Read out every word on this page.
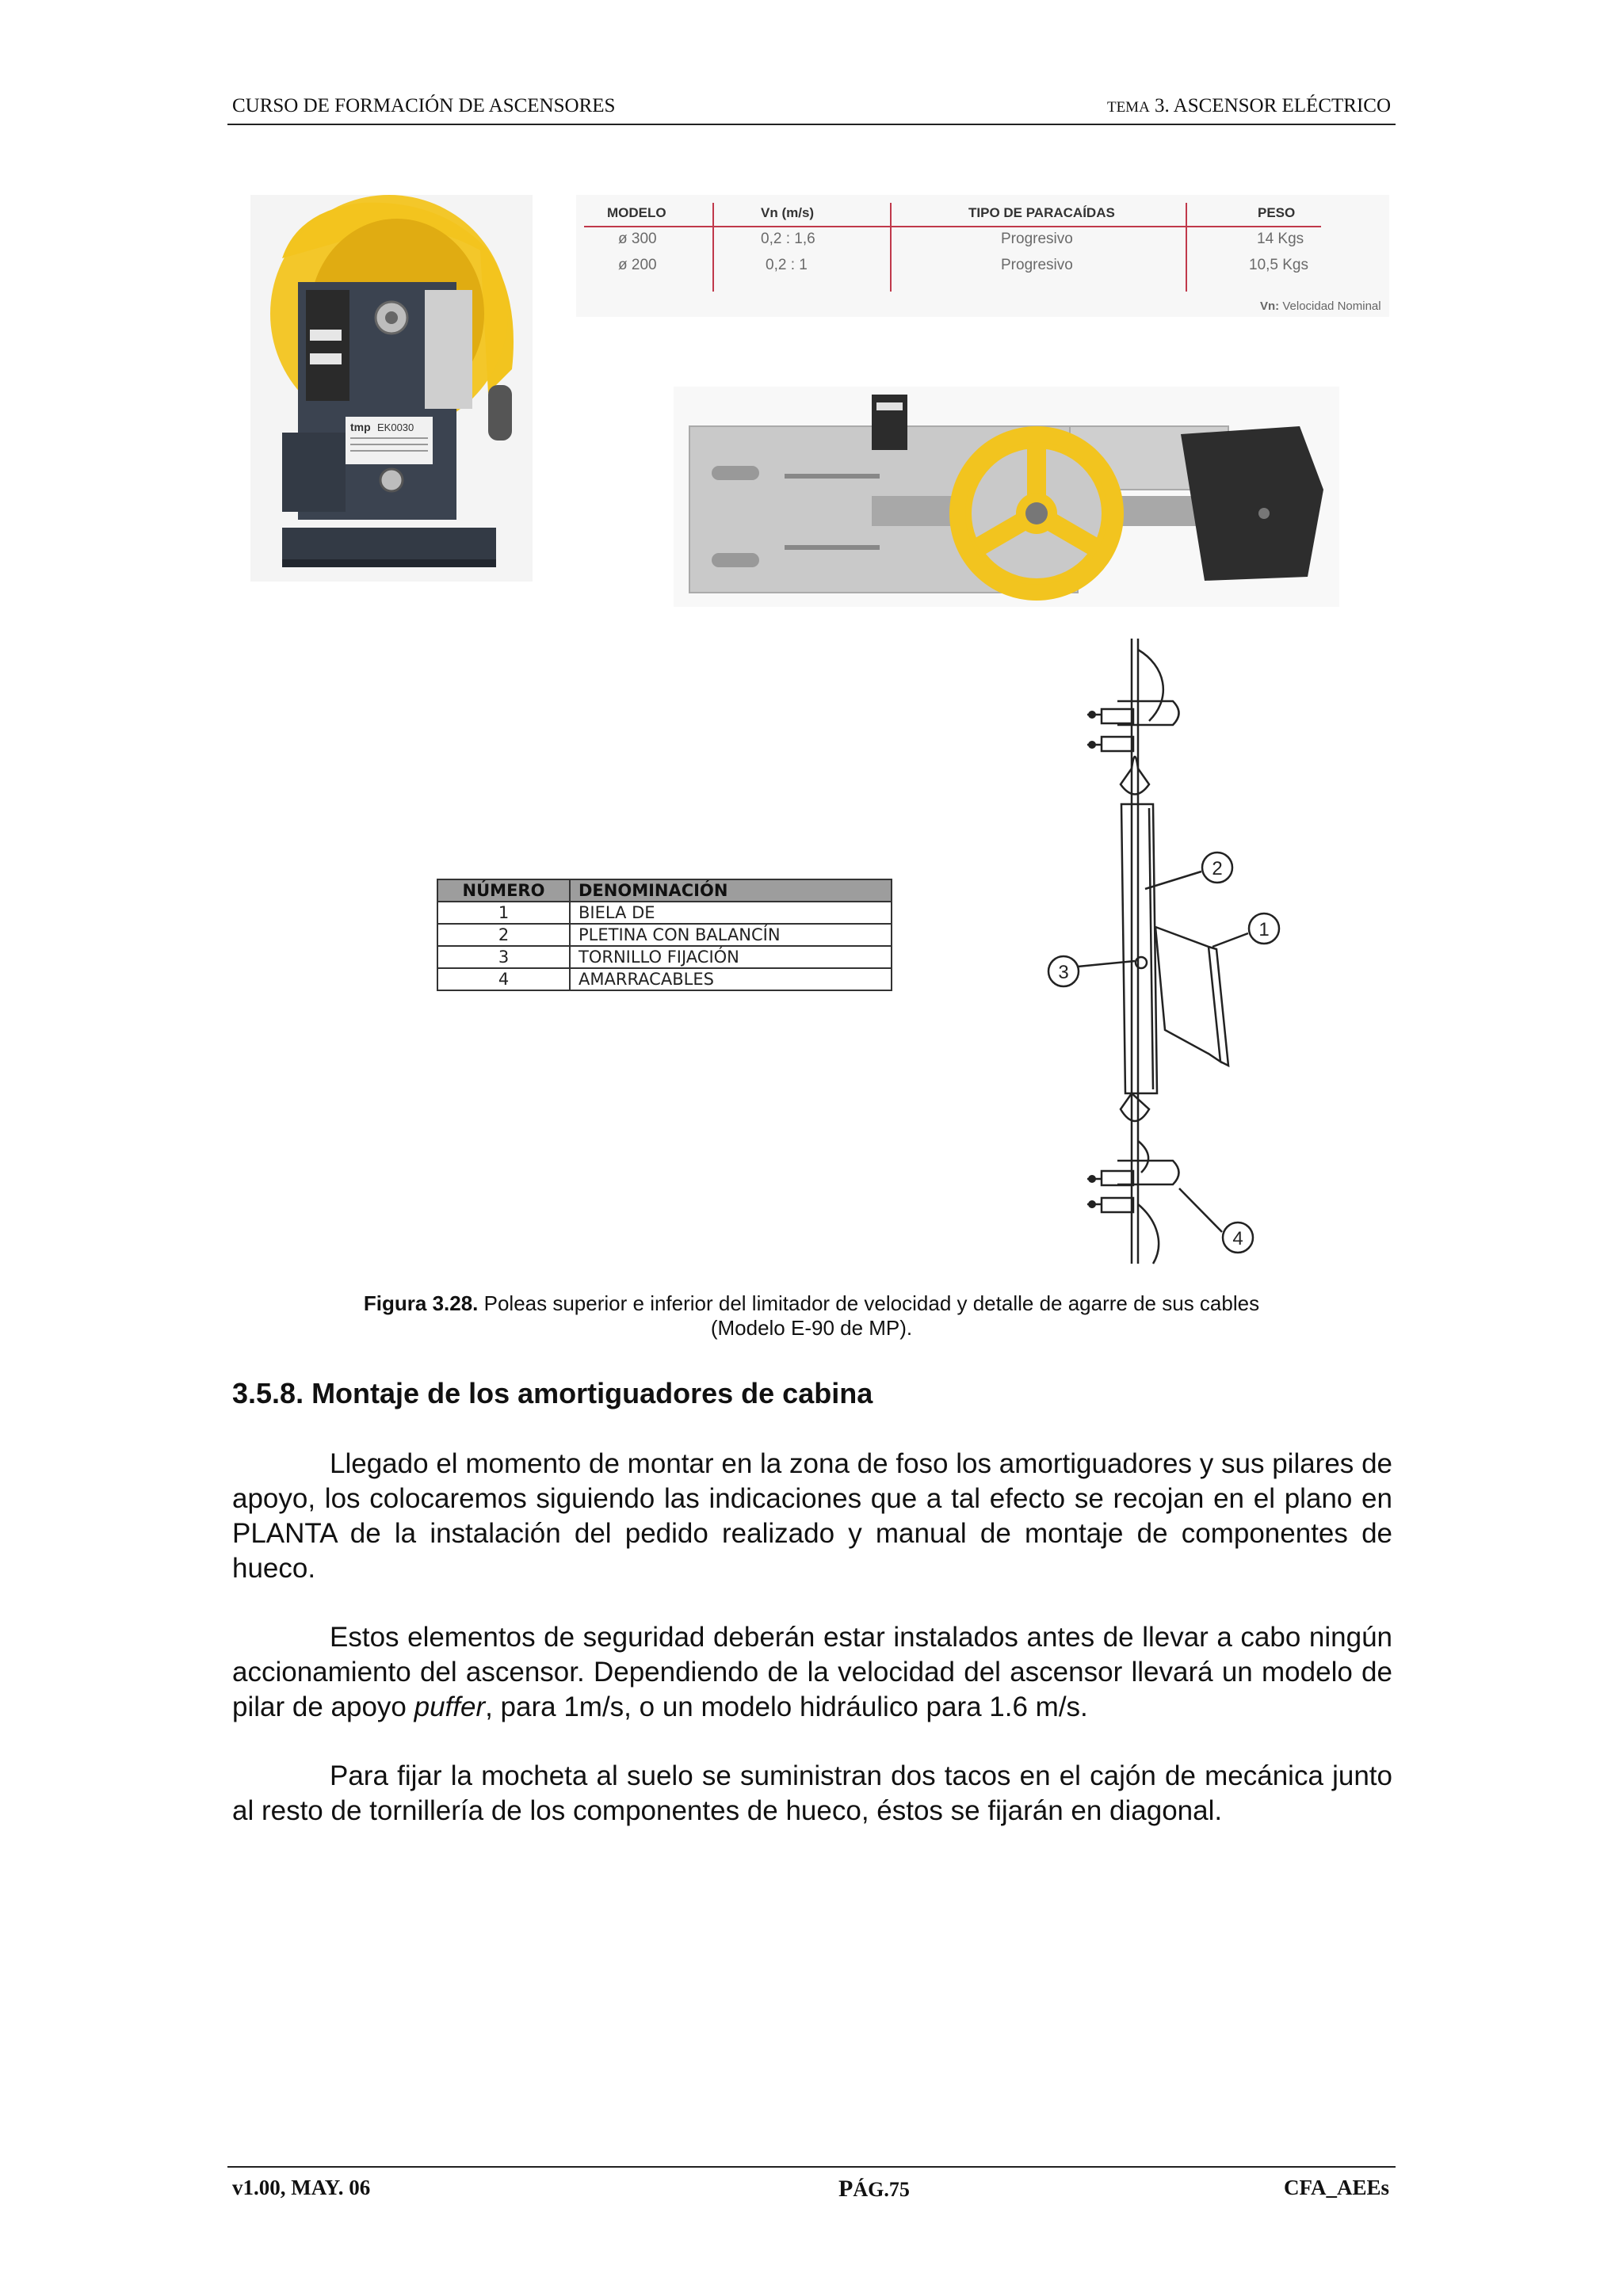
CURSO DE FORMACIÓN DE ASCENSORES	TEMA 3. ASCENSOR ELÉCTRICO
tmp EK0030
MODELO	Vn (m/s)	TIPO DE PARACAÍDAS	PESO
ø 300	0,2 : 1,6	Progresivo	14 Kgs
ø 200	0,2 : 1	Progresivo	10,5 Kgs
Vn: Velocidad Nominal
NÚMERO	DENOMINACIÓN
1	BIELA DE
2	PLETINA CON BALANCÍN
3	TORNILLO FIJACIÓN
4	AMARRACABLES
2
1
3
4
Figura 3.28. Poleas superior e inferior del limitador de velocidad y detalle de agarre de sus cables
(Modelo E-90 de MP).
3.5.8. Montaje de los amortiguadores de cabina

Llegado el momento de montar en la zona de foso los amortiguadores y sus pilares de apoyo, los colocaremos siguiendo las indicaciones que a tal efecto se recojan en el plano en PLANTA de la instalación del pedido realizado y manual de montaje de componentes de hueco.

Estos elementos de seguridad deberán estar instalados antes de llevar a cabo ningún accionamiento del ascensor. Dependiendo de la velocidad del ascensor llevará un modelo de pilar de apoyo puffer, para 1m/s, o un modelo hidráulico para 1.6 m/s.

Para fijar la mocheta al suelo se suministran dos tacos en el cajón de mecánica junto al resto de tornillería de los componentes de hueco, éstos se fijarán en diagonal.

v1.00, MAY. 06	PÁG.75	CFA_AEEs
